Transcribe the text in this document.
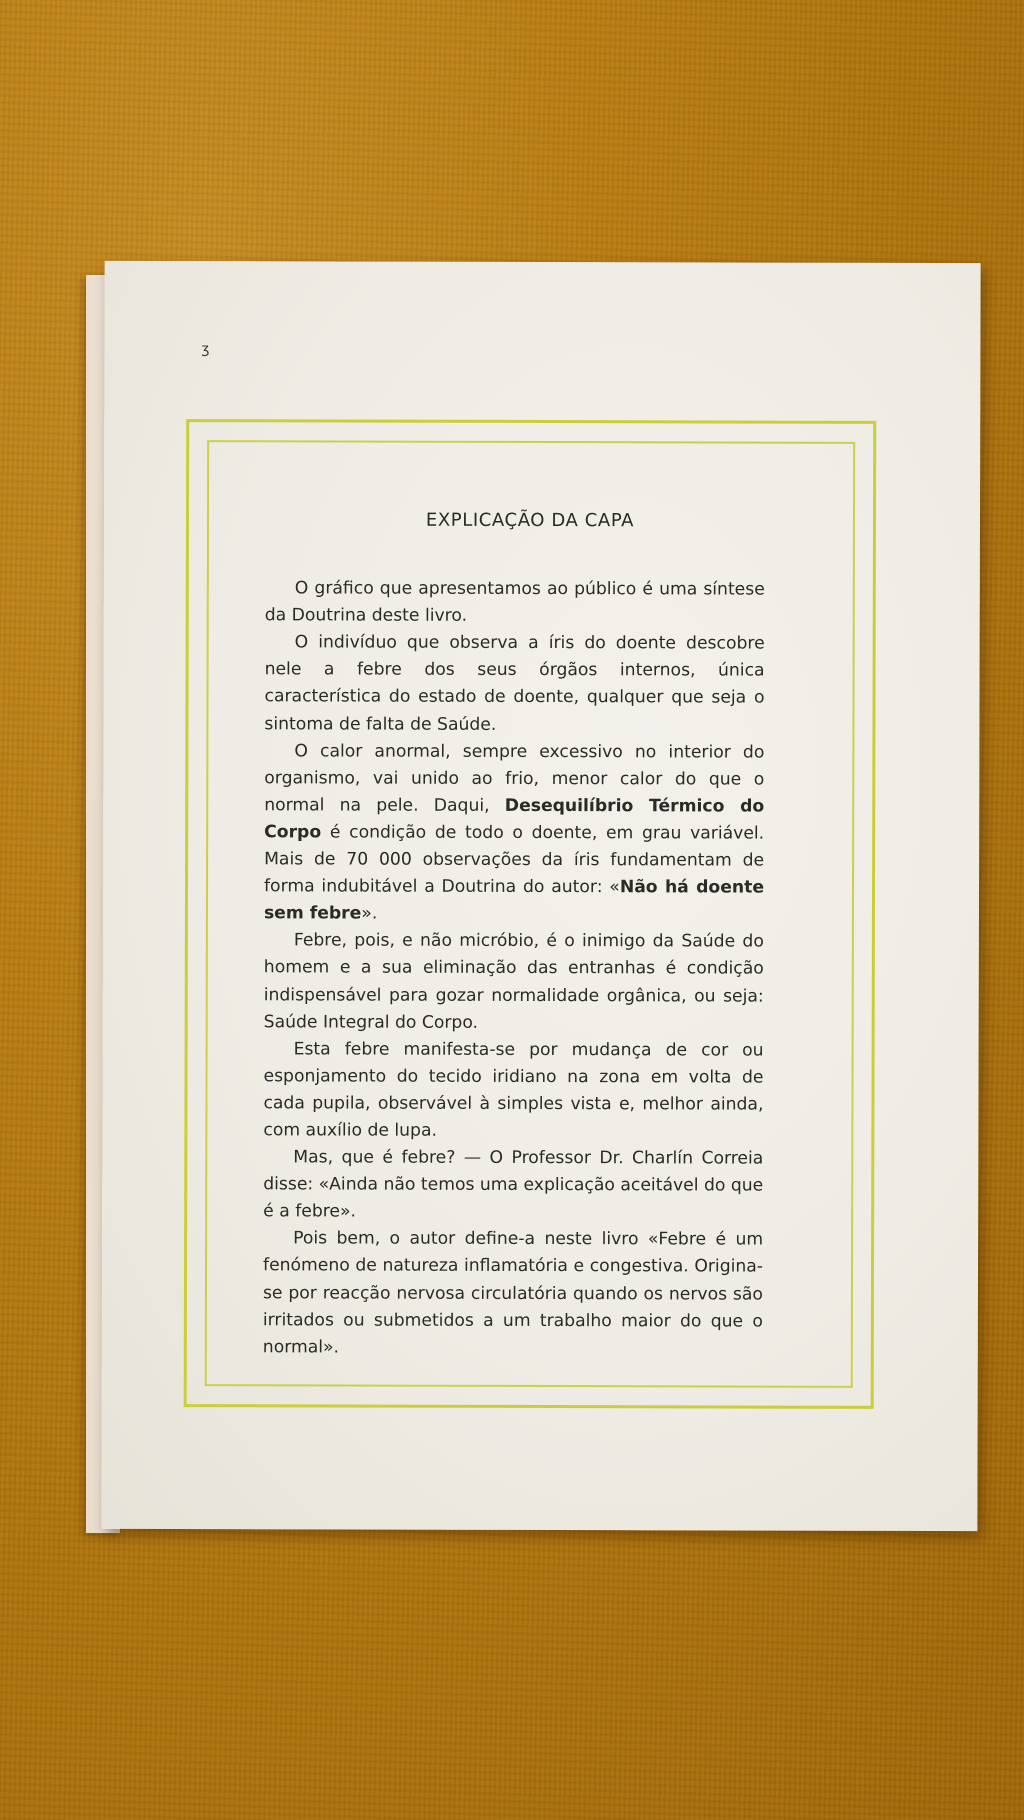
ʒ
EXPLICAÇÃO DA CAPA

O gráfico que apresentamos ao público é uma síntese da Doutrina deste livro.

O indivíduo que observa a íris do doente descobre nele a febre dos seus órgãos internos, única característica do estado de doente, qualquer que seja o sintoma de falta de Saúde.

O calor anormal, sempre excessivo no interior do organismo, vai unido ao frio, menor calor do que o normal na pele. Daqui, Desequilíbrio Térmico do Corpo é condição de todo o doente, em grau variável. Mais de 70 000 observações da íris fundamentam de forma indubitável a Doutrina do autor: «Não há doente sem febre».

Febre, pois, e não micróbio, é o inimigo da Saúde do homem e a sua eliminação das entranhas é condição indispensável para gozar normalidade orgânica, ou seja: Saúde Integral do Corpo.

Esta febre manifesta-se por mudança de cor ou esponjamento do tecido iridiano na zona em volta de cada pupila, observável à simples vista e, melhor ainda, com auxílio de lupa.

Mas, que é febre? — O Professor Dr. Charlín Correia disse: «Ainda não temos uma explicação aceitável do que é a febre».

Pois bem, o autor define-a neste livro «Febre é um fenómeno de natureza inflamatória e congestiva. Origina-se por reacção nervosa circulatória quando os nervos são irritados ou submetidos a um trabalho maior do que o normal».
